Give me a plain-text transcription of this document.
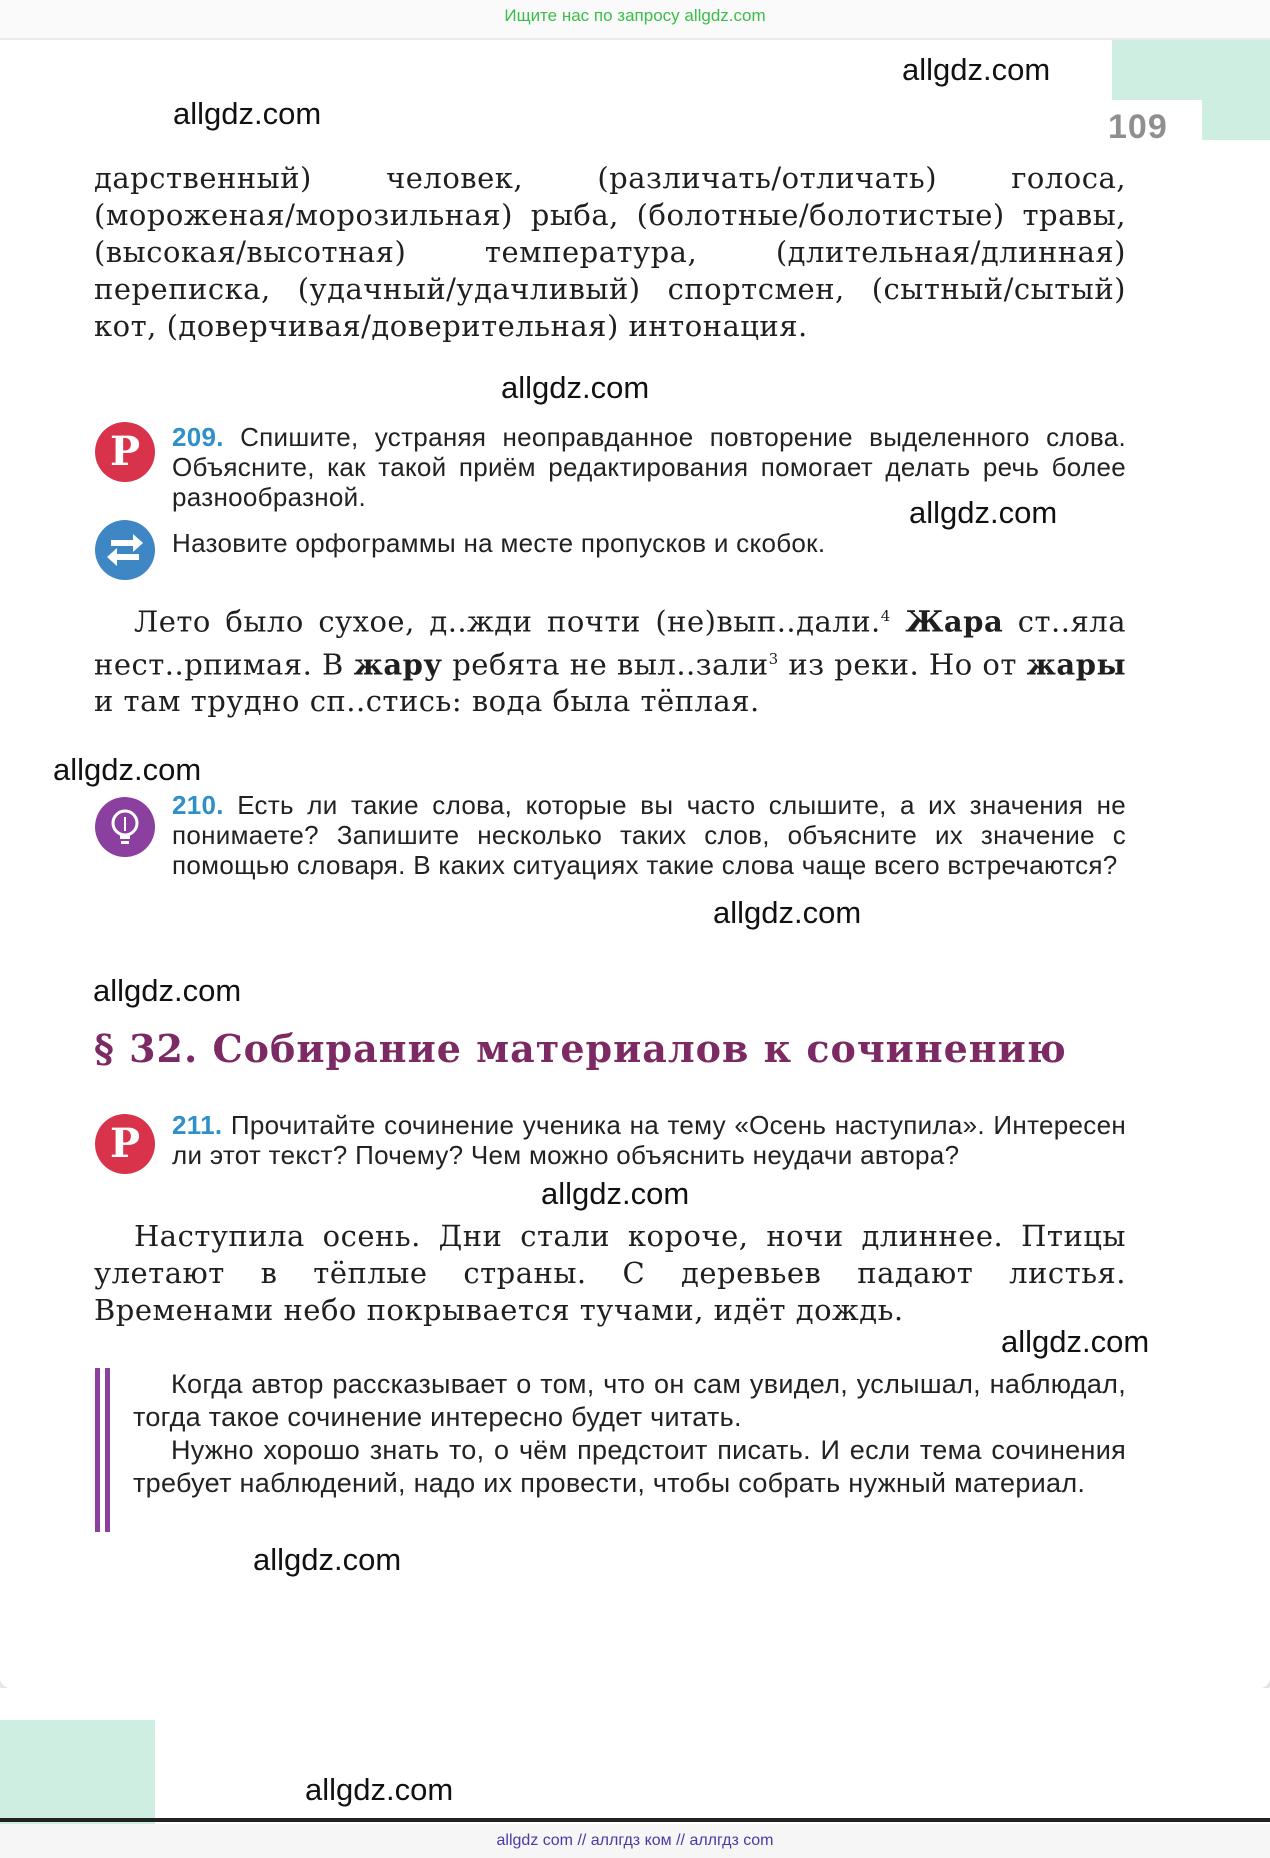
Ищите нас по запросу allgdz.com
109
allgdz.com
allgdz.com
дарственный) человек, (различать/отличать) голоса, (мороженая/морозильная) рыба, (болотные/болотистые) травы, (высокая/высотная) температура, (длительная/длинная) переписка, (удачный/удачливый) спортсмен, (сытный/сытый) кот, (доверчивая/доверительная) интонация.
allgdz.com
Р	209. Спишите, устраняя неоправданное повторение выделенного слова. Объясните, как такой приём редактирования помогает делать речь более разнообразной.	allgdz.com
Назовите орфограммы на месте пропусков и скобок.
Лето было сухое, д..жди почти (не)вып..дали.$^4$ Жара ст..яла нест..рпимая. В жару ребята не выл..зали$^3$ из реки. Но от жары и там трудно сп..стись: вода была тёплая.
allgdz.com
210. Есть ли такие слова, которые вы часто слышите, а их значения не понимаете? Запишите несколько таких слов, объясните их значение с помощью словаря. В каких ситуациях такие слова чаще всего встречаются?
allgdz.com
allgdz.com
§ 32. Собирание материалов к сочинению
Р	211. Прочитайте сочинение ученика на тему «Осень наступила». Интересен ли этот текст? Почему? Чем можно объяснить неудачи автора?
allgdz.com
Наступила осень. Дни стали короче, ночи длиннее. Птицы улетают в тёплые страны. С деревьев падают листья. Временами небо покрывается тучами, идёт дождь.
allgdz.com
Когда автор рассказывает о том, что он сам увидел, услышал, наблюдал, тогда такое сочинение интересно будет читать.
Нужно хорошо знать то, о чём предстоит писать. И если тема сочинения требует наблюдений, надо их провести, чтобы собрать нужный материал.
allgdz.com
allgdz.com
allgdz com // аллгдз ком // аллгдз com
